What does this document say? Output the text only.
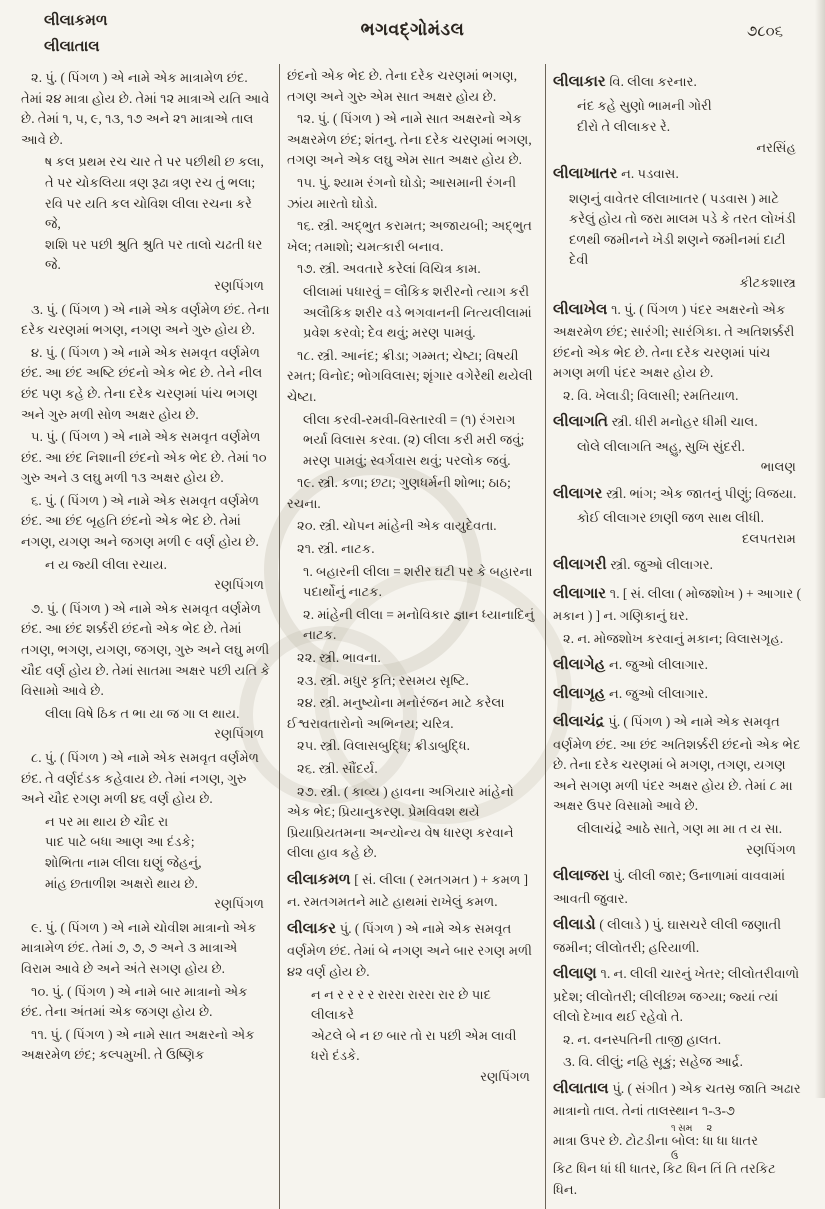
લીલાકમળ
લીલાતાલ
ભગવદ્ગોમંડલ	૭૮૦૬

૨. પું. ( પિંગળ ) એ નામે એક માત્રામેળ છંદ. તેમાં ૨૪ માત્રા હોય છે. તેમાં ૧૨ માત્રાએ યતિ આવે છે. તેમાં ૧, ૫, ૯, ૧૩, ૧૭ અને ૨૧ માત્રાએ તાલ આવે છે.

ષ કલ પ્રથમ રચ ચાર તે પર પછીથી છ કલા,
તે પર ચોકલિયા ત્રણ રૂઢા ત્રણ રચ તું ભલા;
રવિ પર યતિ કલ ચોવિશ લીલા રચના કરે જે,
શશિ પર પછી શ્રુતિ શ્રુતિ પર તાલો ચઢતી ધર જે.

રણપિંગળ

૩. પું. ( પિંગળ ) એ નામે એક વર્ણમેળ છંદ. તેના દરેક ચરણમાં ભગણ, નગણ અને ગુરુ હોય છે.

૪. પું. ( પિંગળ ) એ નામે એક સમવૃત વર્ણમેળ છંદ. આ છંદ અષ્ટિ છંદનો એક ભેદ છે. તેને નીલ છંદ પણ કહે છે. તેના દરેક ચરણમાં પાંચ ભગણ અને ગુરુ મળી સોળ અક્ષર હોય છે.

૫. પું. ( પિંગળ ) એ નામે એક સમવૃત વર્ણમેળ છંદ. આ છંદ નિશાની છંદનો એક ભેદ છે. તેમાં ૧૦ ગુરુ અને ૩ લઘુ મળી ૧૩ અક્ષર હોય છે.

૬. પું. ( પિંગળ ) એ નામે એક સમવૃત વર્ણમેળ છંદ. આ છંદ બૃહતિ છંદનો એક ભેદ છે. તેમાં નગણ, યગણ અને જગણ મળી ૯ વર્ણ હોય છે.

ન ય જ્યી લીલા રચાય.

રણપિંગળ

૭. પું. ( પિંગળ ) એ નામે એક સમવૃત વર્ણમેળ છંદ. આ છંદ શર્ક્કરી છંદનો એક ભેદ છે. તેમાં તગણ, ભગણ, યગણ, જગણ, ગુરુ અને લઘુ મળી ચૌદ વર્ણ હોય છે. તેમાં સાતમા અક્ષર પછી યતિ કે વિસામો આવે છે.

લીલા વિષે ઠિક ત ભા યા જ ગા લ થાય.

રણપિંગળ

૮. પું. ( પિંગળ ) એ નામે એક સમવૃત વર્ણમેળ છંદ. તે વર્ણદંડક કહેવાય છે. તેમાં નગણ, ગુરુ અને ચૌદ રગણ મળી ૪૬ વર્ણ હોય છે.

ન પર મા થાય છે ચૌદ રા
પાદ પાટે બધા આણ આ દંડકે;
શોભિતા નામ લીલા ઘણું જેહનું,
માંહ છતાળીશ અક્ષરો થાય છે.

રણપિંગળ

૯. પું. ( પિંગળ ) એ નામે ચોવીશ માત્રાનો એક માત્રામેળ છંદ. તેમાં ૭, ૭, ૭ અને ૩ માત્રાએ વિરામ આવે છે અને અંતે સગણ હોય છે.

૧૦. પું. ( પિંગળ ) એ નામે બાર માત્રાનો એક છંદ. તેના અંતમાં એક જગણ હોય છે.

૧૧. પું. ( પિંગળ ) એ નામે સાત અક્ષરનો એક અક્ષરમેળ છંદ; કલ્પમુખી. તે ઉષ્ણિક

છંદનો એક ભેદ છે. તેના દરેક ચરણમાં ભગણ, તગણ અને ગુરુ એમ સાત અક્ષર હોય છે.

૧૨. પું. ( પિંગળ ) એ નામે સાત અક્ષરનો એક અક્ષરમેળ છંદ; શંતનુ. તેના દરેક ચરણમાં ભગણ, તગણ અને એક લઘુ એમ સાત અક્ષર હોય છે.

૧૫. પું. શ્યામ રંગનો ઘોડો; આસમાની રંગની ઝાંય મારતો ઘોડો.

૧૬. સ્ત્રી. અદ્ભુત કરામત; અજાયબી; અદ્ભુત ખેલ; તમાશો; ચમત્કારી બનાવ.

૧૭. સ્ત્રી. અવતારે કરેલાં વિચિત્ર કામ.

લીલામાં પધારવું = લૌકિક શરીરનો ત્યાગ કરી અલૌકિક શરીર વડે ભગવાનની નિત્યલીલામાં પ્રવેશ કરવો; દેવ થવું; મરણ પામવું.

૧૮. સ્ત્રી. આનંદ; ક્રીડા; ગમ્મત; ચેષ્ટા; વિષયી રમત; વિનોદ; ભોગવિલાસ; શૃંગાર વગેરેથી થયેલી ચેષ્ટા.

લીલા કરવી-રમવી-વિસ્તારવી = (૧) રંગરાગ ભર્યા વિલાસ કરવા. (૨) લીલા કરી મરી જવું; મરણ પામવું; સ્વર્ગવાસ થવું; પરલોક જવું.

૧૯. સ્ત્રી. કળા; છટા; ગુણધર્મની શોભા; ઠાઠ; રચના.

૨૦. સ્ત્રી. ચોપન માંહેની એક વાયુદેવતા.

૨૧. સ્ત્રી. નાટક.

૧. બહારની લીલા = શરીર ઘટી પર કે બહારના પદાર્થોનું નાટક.

૨. માંહેની લીલા = મનોવિકાર જ્ઞાન ધ્યાનાદિનું નાટક.

૨૨. સ્ત્રી. ભાવના.

૨૩. સ્ત્રી. મધુર કૃતિ; રસમય સૃષ્ટિ.

૨૪. સ્ત્રી. મનુષ્યોના મનોરંજન માટે કરેલા ઈશ્વરાવતારોનો અભિનય; ચરિત્ર.

૨૫. સ્ત્રી. વિલાસબુદ્ધિ; ક્રીડાબુદ્ધિ.

૨૬. સ્ત્રી. સૌંદર્ય.

૨૭. સ્ત્રી. ( કાવ્ય ) હાવના અગિયાર માંહેનો એક ભેદ; પ્રિયાનુકરણ. પ્રેમવિવશ થયે પ્રિયાપ્રિયતમના અન્યોન્ય વેષ ધારણ કરવાને લીલા હાવ કહે છે.

લીલાકમળ [ સં. લીલા ( રમતગમત ) + કમળ ] ન. રમતગમતને માટે હાથમાં રાખેલું કમળ.

લીલાકર પું. ( પિંગળ ) એ નામે એક સમવૃત વર્ણમેળ છંદ. તેમાં બે નગણ અને બાર રગણ મળી ૪૨ વર્ણ હોય છે.

ન ન ર ર ર ર રારરા રારરા રાર છે પાદ લીલાકરે
એટલે બે ન છ બાર તો રા પછી એમ લાવી ધરો દંડકે.

રણપિંગળ

લીલાકાર વિ. લીલા કરનાર.

નંદ કહે સુણો ભામની ગોરી
દીરો તે લીલાકર રે.

નરસિંહ

લીલાખાતર ન. પડવાસ.

શણનું વાવેતર લીલાખાતર ( પડવાસ ) માટે કરેલું હોય તો જરા માલમ પડે કે તરત લોખંડી દળથી જમીનને ખેડી શણને જમીનમાં દાટી દેવી

કીટકશાસ્ત્ર

લીલાખેલ ૧. પું. ( પિંગળ ) પંદર અક્ષરનો એક અક્ષરમેળ છંદ; સારંગી; સારંગિકા. તે અતિશર્ક્કરી છંદનો એક ભેદ છે. તેના દરેક ચરણમાં પાંચ મગણ મળી પંદર અક્ષર હોય છે.

૨. વિ. ખેલાડી; વિલાસી; રમતિયાળ.

લીલાગતિ સ્ત્રી. ધીરી મનોહર ધીમી ચાલ.

લોલે લીલાગતિ અહુ, સુખિ સુંદરી.

ભાલણ

લીલાગર સ્ત્રી. ભાંગ; એક જાતનું પીણું; વિજયા.

કોઈ લીલાગર છાણી જળ સાથ લીધી.

દલપતરામ

લીલાગરી સ્ત્રી. જુઓ લીલાગર.

લીલાગાર ૧. [ સં. લીલા ( મોજશોખ ) + આગાર ( મકાન ) ] ન. ગણિકાનું ઘર.

૨. ન. મોજશોખ કરવાનું મકાન; વિલાસગૃહ.

લીલાગેહ ન. જુઓ લીલાગાર.

લીલાગૃહ ન. જુઓ લીલાગાર.

લીલાચંદ્ર પું. ( પિંગળ ) એ નામે એક સમવૃત વર્ણમેળ છંદ. આ છંદ અતિશર્ક્કરી છંદનો એક ભેદ છે. તેના દરેક ચરણમાં બે મગણ, તગણ, યગણ અને સગણ મળી પંદર અક્ષર હોય છે. તેમાં ૮ મા અક્ષર ઉપર વિસામો આવે છે.

લીલાચંદ્રે આઠે સાતે, ગણ મા મા ત ય સા.

રણપિંગળ

લીલાજરા પું. લીલી જાર; ઉનાળામાં વાવવામાં આવતી જુવાર.

લીલાડો ( લીલાડે ) પું. ઘાસચરે લીલી જણાતી જમીન; લીલોતરી; હરિયાળી.

લીલાણ ૧. ન. લીલી ચારનું ખેતર; લીલોતરીવાળો પ્રદેશ; લીલોતરી; લીલીછમ જગ્યા; જ્યાં ત્યાં લીલો દેખાવ થઈ રહેવો તે.

૨. ન. વનસ્પતિની તાજી હાલત.

૩. વિ. લીલું; નહિ સૂકું; સહેજ આર્દ્ર.

લીલાતાલ પું. ( સંગીત ) એક ચતસ્ર જાતિ અઢાર માત્રાનો તાલ. તેનાં તાલસ્થાન ૧-૩-૭

૧ સમ      ૨

માત્રા ઉપર છે. ટોટડીના બોલ: ધા ધા ધાતર

ઉ

કિટ ધિન ધાં ધી ધાતર, કિટ ધિન તિં તિ તરકિટ ધિન.
